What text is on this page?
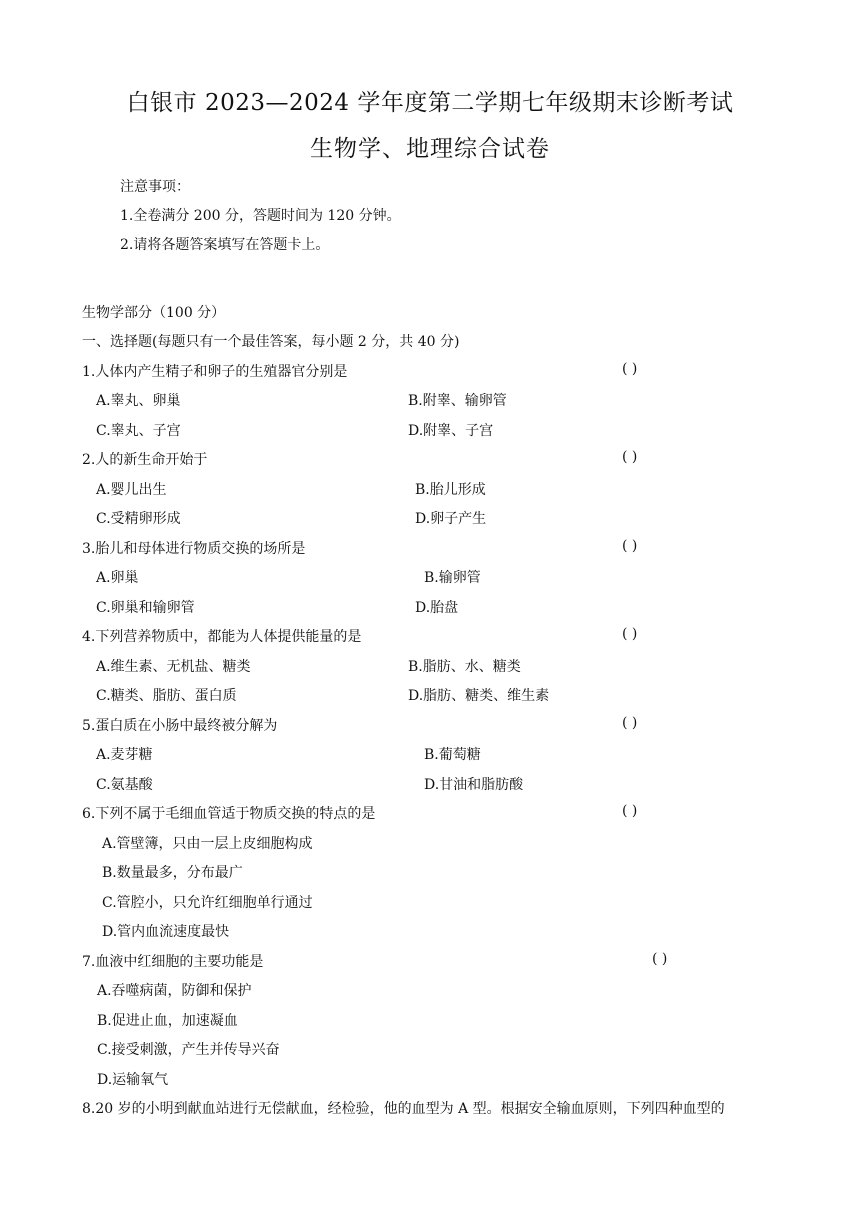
白银市 2023—2024 学年度第二学期七年级期末诊断考试
生物学、地理综合试卷
注意事项：
1.全卷满分 200 分，答题时间为 120 分钟。
2.请将各题答案填写在答题卡上。
生物学部分（100 分）
一、选择题(每题只有一个最佳答案，每小题 2 分，共 40 分)
1.人体内产生精子和卵子的生殖器官分别是	( )
A.睾丸、卵巢	B.附睾、输卵管
C.睾丸、子宫	D.附睾、子宫
2.人的新生命开始于	( )
A.婴儿出生	B.胎儿形成
C.受精卵形成	D.卵子产生
3.胎儿和母体进行物质交换的场所是	( )
A.卵巢	B.输卵管
C.卵巢和输卵管	D.胎盘
4.下列营养物质中，都能为人体提供能量的是	( )
A.维生素、无机盐、糖类	B.脂肪、水、糖类
C.糖类、脂肪、蛋白质	D.脂肪、糖类、维生素
5.蛋白质在小肠中最终被分解为	( )
A.麦芽糖	B.葡萄糖
C.氨基酸	D.甘油和脂肪酸
6.下列不属于毛细血管适于物质交换的特点的是	( )
A.管壁簿，只由一层上皮细胞构成
B.数量最多，分布最广
C.管腔小，只允许红细胞单行通过
D.管内血流速度最快
7.血液中红细胞的主要功能是	( )
A.吞噬病菌，防御和保护
B.促进止血，加速凝血
C.接受刺激，产生并传导兴奋
D.运输氧气
8.20 岁的小明到献血站进行无偿献血，经检验，他的血型为 A 型。根据安全输血原则，下列四种血型的
